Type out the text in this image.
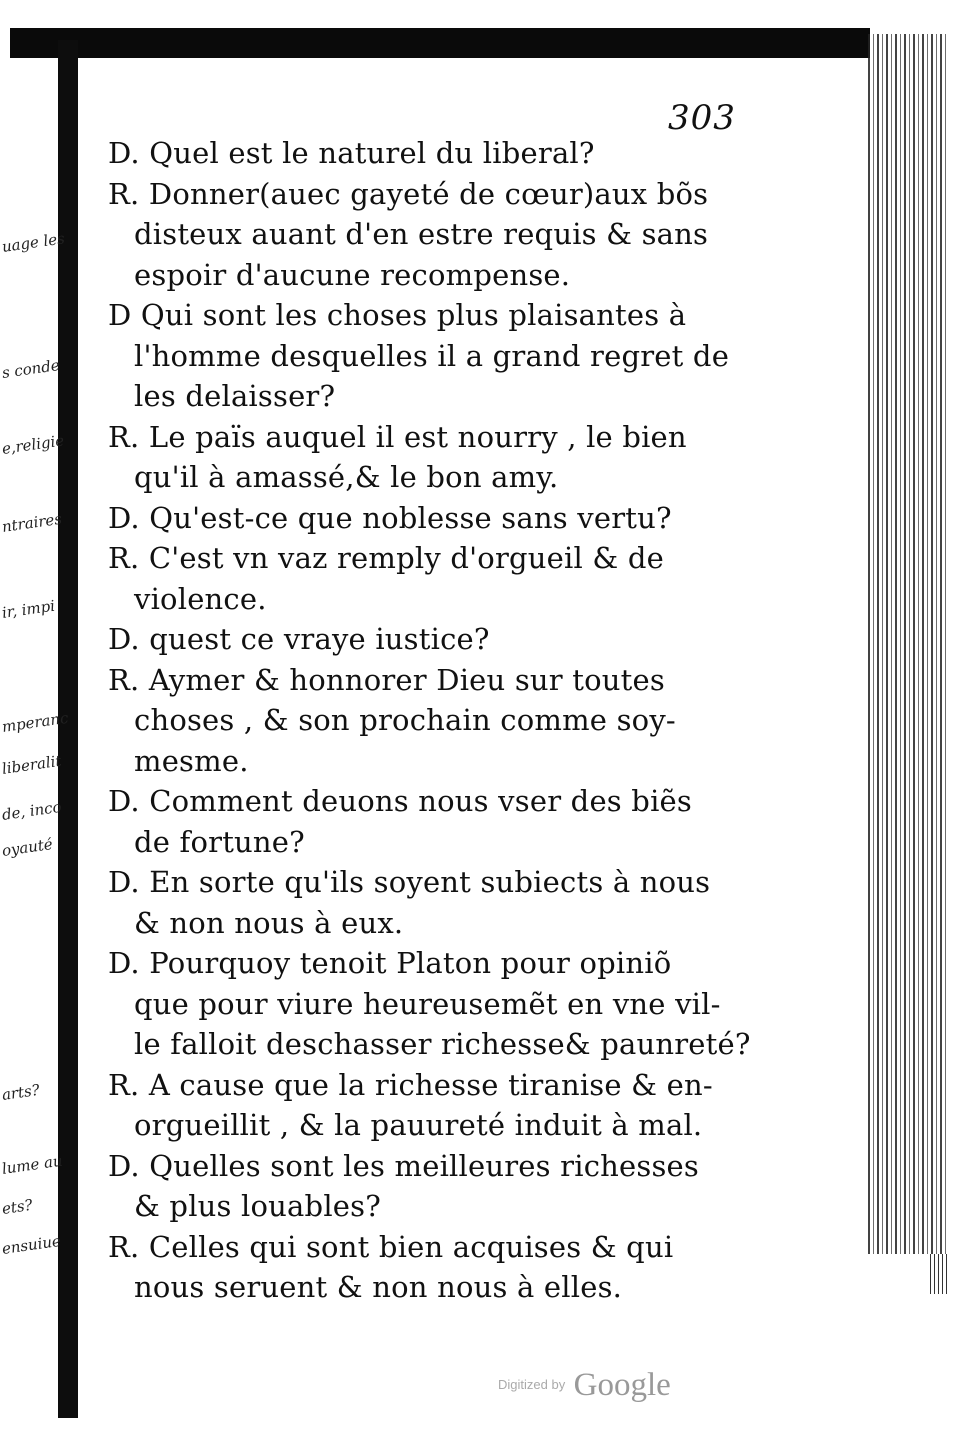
uage les
s conde
e,religie
ntraires
ir, impi
mperanc
liberalit
de, inco
oyauté
arts?
lume au
ets?
ensuiue
303
D. Quel est le naturel du liberal?
R. Donner(auec gayeté de cœur)aux bõs
disteux auant d'en estre requis & sans
espoir d'aucune recompense.
D Qui sont les choses plus plaisantes à
l'homme desquelles il a grand regret de
les delaisser?
R. Le païs auquel il est nourry , le bien
qu'il à amassé,& le bon amy.
D. Qu'est-ce que noblesse sans vertu?
R. C'est vn vaz remply d'orgueil & de
violence.
D. quest ce vraye iustice?
R. Aymer & honnorer Dieu sur toutes
choses , & son prochain comme soy-
mesme.
D. Comment deuons nous vser des biẽs
de fortune?
D. En sorte qu'ils soyent subiects à nous
& non nous à eux.
D. Pourquoy tenoit Platon pour opiniõ
que pour viure heureusemẽt en vne vil-
le falloit deschasser richesse& paunreté?
R. A cause que la richesse tiranise & en-
orgueillit , & la pauureté induit à mal.
D. Quelles sont les meilleures richesses
& plus louables?
R. Celles qui sont bien acquises & qui
nous seruent & non nous à elles.
Digitized by Google
